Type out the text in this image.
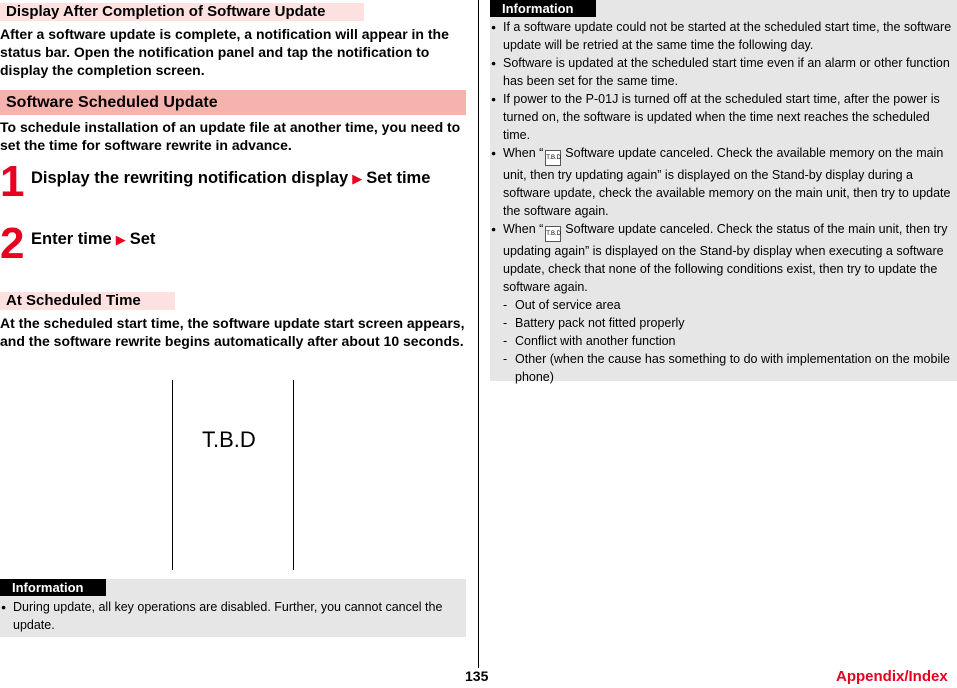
Display After Completion of Software Update
After a software update is complete, a notification will appear in the status bar. Open the notification panel and tap the notification to display the completion screen.
Software Scheduled Update
To schedule installation of an update file at another time, you need to set the time for software rewrite in advance.
1 Display the rewriting notification display ▶ Set time
2 Enter time ▶ Set
At Scheduled Time
At the scheduled start time, the software update start screen appears, and the software rewrite begins automatically after about 10 seconds.
T.B.D
Information
● During update, all key operations are disabled. Further, you cannot cancel the update.
Information
● If a software update could not be started at the scheduled start time, the software update will be retried at the same time the following day.
● Software is updated at the scheduled start time even if an alarm or other function has been set for the same time.
● If power to the P-01J is turned off at the scheduled start time, after the power is turned on, the software is updated when the time next reaches the scheduled time.
● When “ T.B.D Software update canceled. Check the available memory on the main unit, then try updating again” is displayed on the Stand-by display during a software update, check the available memory on the main unit, then try to update the software again.
● When “ T.B.D Software update canceled. Check the status of the main unit, then try updating again” is displayed on the Stand-by display when executing a software update, check that none of the following conditions exist, then try to update the software again.
- Out of service area
- Battery pack not fitted properly
- Conflict with another function
- Other (when the cause has something to do with implementation on the mobile phone)
135	Appendix/Index
